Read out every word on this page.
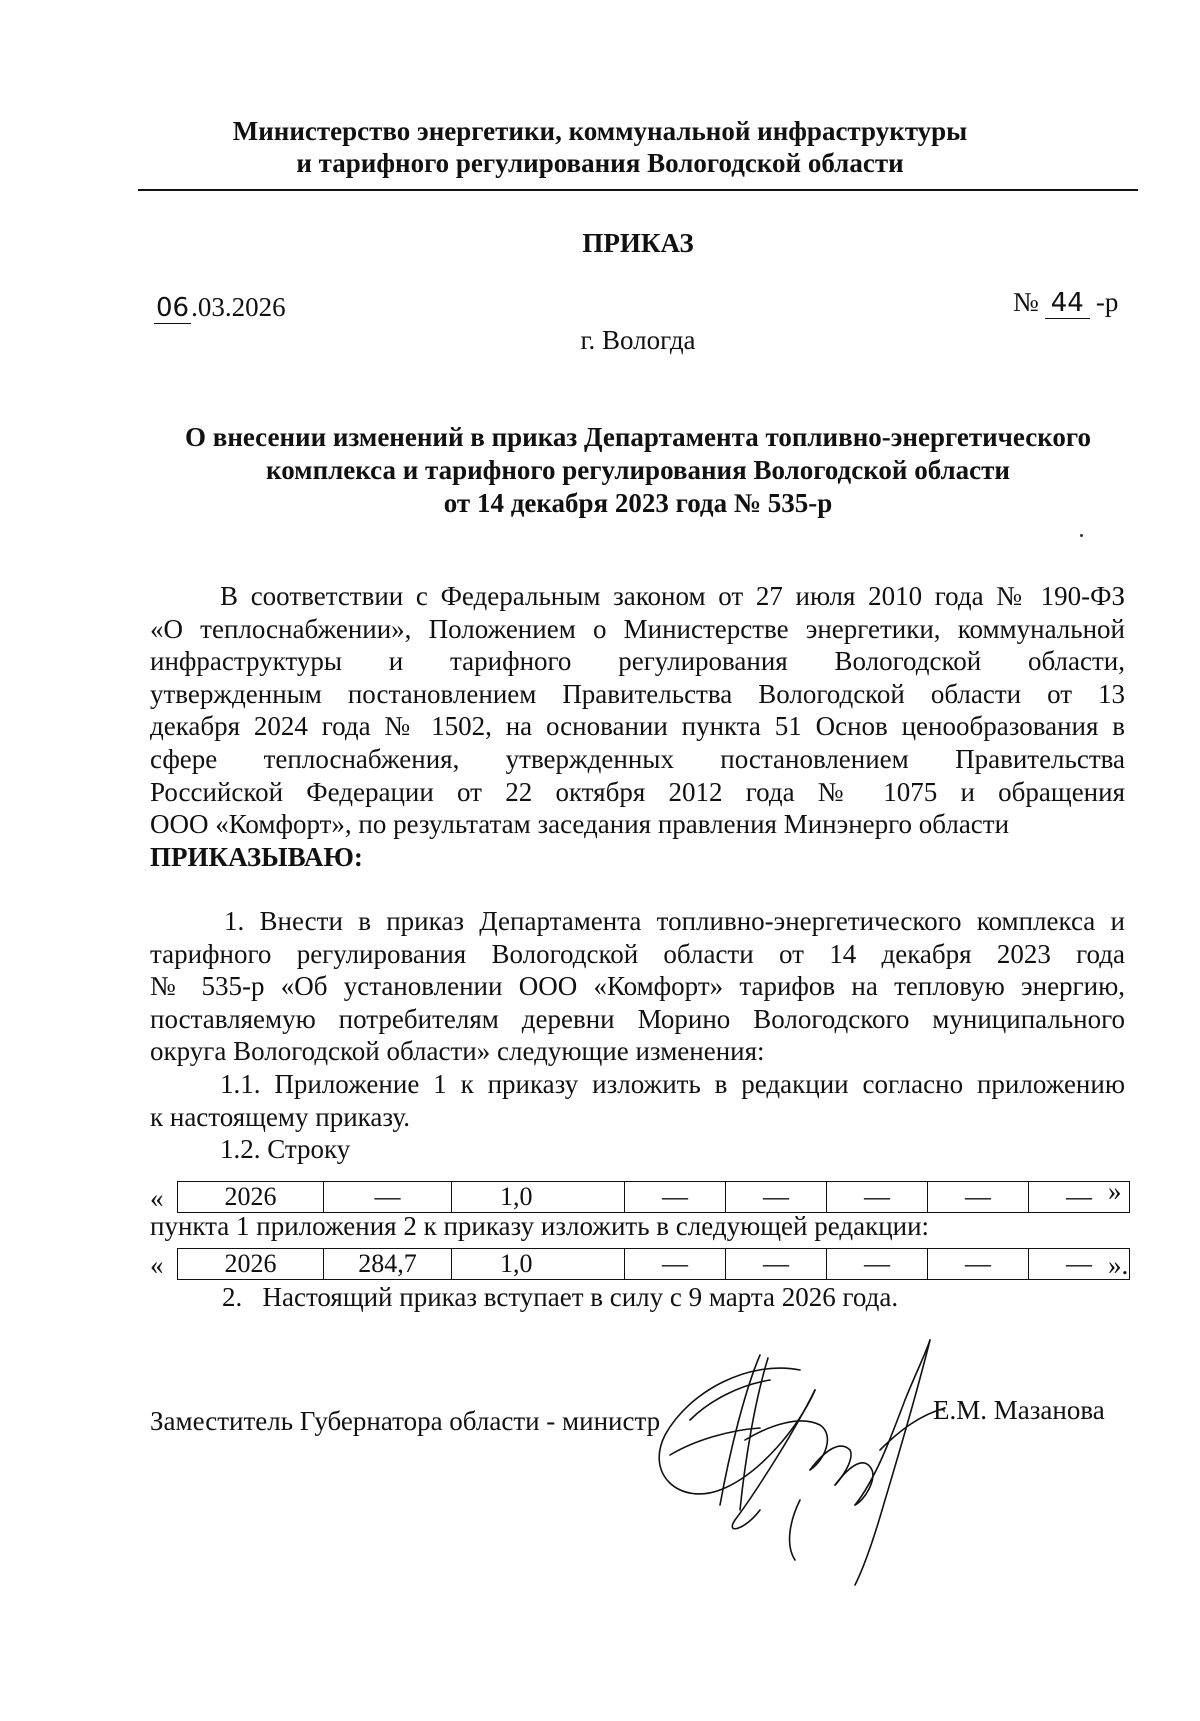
Министерство энергетики, коммунальной инфраструктуры
и тарифного регулирования Вологодской области
ПРИКАЗ
06.03.2026	№ 44 -р
г. Вологда
О внесении изменений в приказ Департамента топливно-энергетического
комплекса и тарифного регулирования Вологодской области
от 14 декабря 2023 года № 535-р
В соответствии с Федеральным законом от 27 июля 2010 года № 190-ФЗ
«О теплоснабжении», Положением о Министерстве энергетики, коммунальной
инфраструктуры и тарифного регулирования Вологодской области,
утвержденным постановлением Правительства Вологодской области от 13
декабря 2024 года № 1502, на основании пункта 51 Основ ценообразования в
сфере теплоснабжения, утвержденных постановлением Правительства
Российской Федерации от 22 октября 2012 года № 1075 и обращения
ООО «Комфорт», по результатам заседания правления Минэнерго области
ПРИКАЗЫВАЮ:
1. Внести в приказ Департамента топливно-энергетического комплекса и
тарифного регулирования Вологодской области от 14 декабря 2023 года
№ 535-р «Об установлении ООО «Комфорт» тарифов на тепловую энергию,
поставляемую потребителям деревни Морино Вологодского муниципального
округа Вологодской области» следующие изменения:
1.1. Приложение 1 к приказу изложить в редакции согласно приложению
к настоящему приказу.
1.2. Строку
« 2026	—	1,0	—	—	—	—	— »
пункта 1 приложения 2 к приказу изложить в следующей редакции:
« 2026	284,7	1,0	—	—	—	—	— ».
2.   Настоящий приказ вступает в силу с 9 марта 2026 года.
Заместитель Губернатора области - министр	Е.М. Мазанова
